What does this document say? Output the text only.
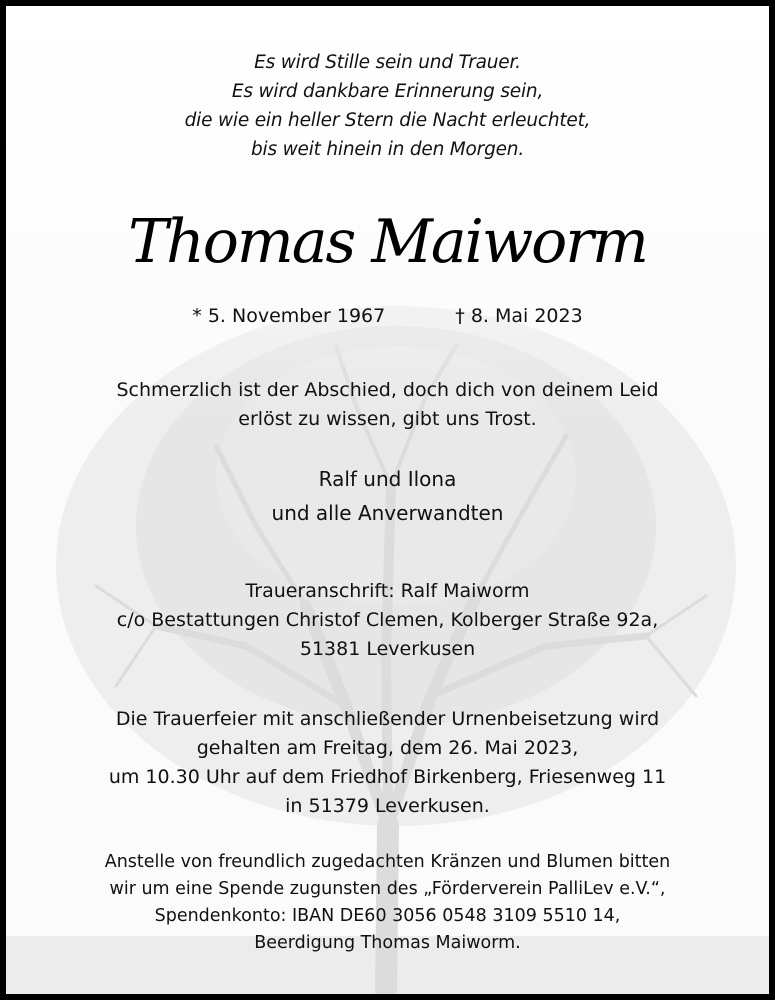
Es wird Stille sein und Trauer.
Es wird dankbare Erinnerung sein,
die wie ein heller Stern die Nacht erleuchtet,
bis weit hinein in den Morgen.
Thomas Maiworm
* 5. November 1967	† 8. Mai 2023
Schmerzlich ist der Abschied, doch dich von deinem Leid
erlöst zu wissen, gibt uns Trost.
Ralf und Ilona
und alle Anverwandten
Traueranschrift: Ralf Maiworm
c/o Bestattungen Christof Clemen, Kolberger Straße 92a,
51381 Leverkusen
Die Trauerfeier mit anschließender Urnenbeisetzung wird
gehalten am Freitag, dem 26. Mai 2023,
um 10.30 Uhr auf dem Friedhof Birkenberg, Friesenweg 11
in 51379 Leverkusen.
Anstelle von freundlich zugedachten Kränzen und Blumen bitten
wir um eine Spende zugunsten des „Förderverein PalliLev e.V.“,
Spendenkonto: IBAN DE60 3056 0548 3109 5510 14,
Beerdigung Thomas Maiworm.
